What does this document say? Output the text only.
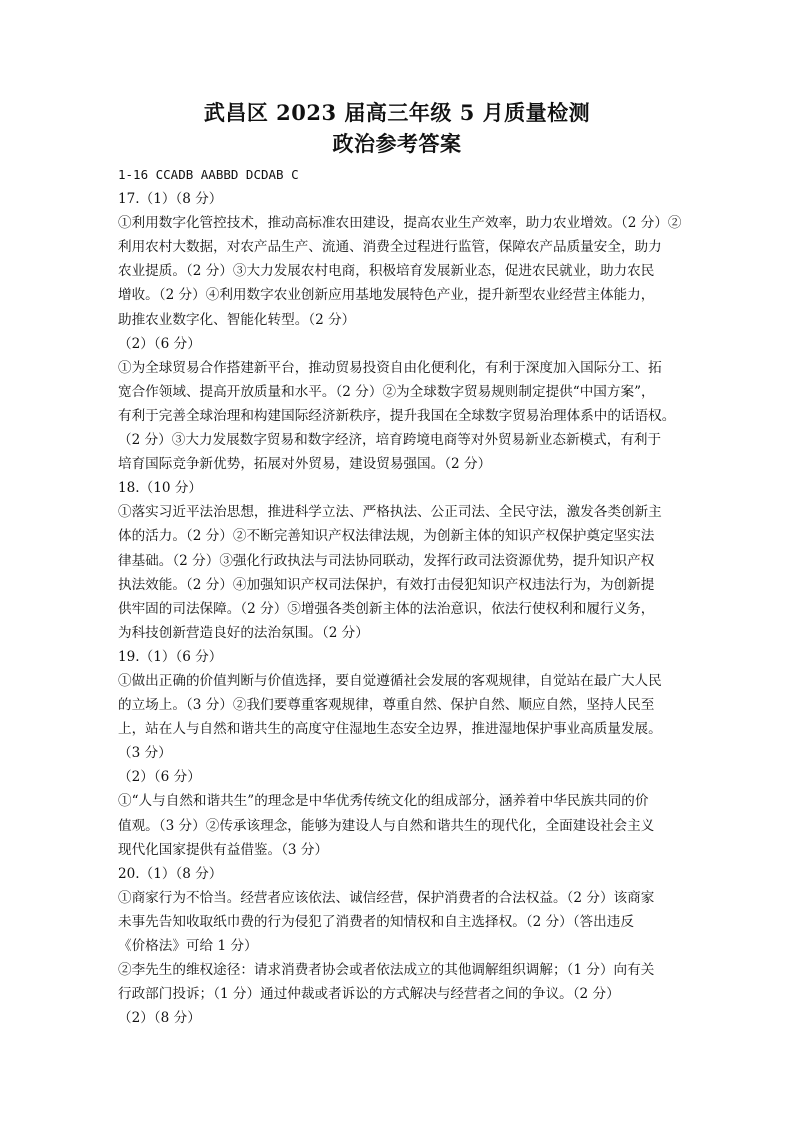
武昌区 2023 届高三年级 5 月质量检测
政治参考答案
1-16 CCADB AABBD DCDAB C
17.（1）（8 分）
①利用数字化管控技术，推动高标准农田建设，提高农业生产效率，助力农业增效。（2 分）②
利用农村大数据，对农产品生产、流通、消费全过程进行监管，保障农产品质量安全，助力
农业提质。（2 分）③大力发展农村电商，积极培育发展新业态，促进农民就业，助力农民
增收。（2 分）④利用数字农业创新应用基地发展特色产业，提升新型农业经营主体能力，
助推农业数字化、智能化转型。（2 分）
（2）（6 分）
①为全球贸易合作搭建新平台，推动贸易投资自由化便利化，有利于深度加入国际分工、拓
宽合作领域、提高开放质量和水平。（2 分）②为全球数字贸易规则制定提供“中国方案”，
有利于完善全球治理和构建国际经济新秩序，提升我国在全球数字贸易治理体系中的话语权。
（2 分）③大力发展数字贸易和数字经济，培育跨境电商等对外贸易新业态新模式，有利于
培育国际竞争新优势，拓展对外贸易，建设贸易强国。（2 分）
18.（10 分）
①落实习近平法治思想，推进科学立法、严格执法、公正司法、全民守法，激发各类创新主
体的活力。（2 分）②不断完善知识产权法律法规，为创新主体的知识产权保护奠定坚实法
律基础。（2 分）③强化行政执法与司法协同联动，发挥行政司法资源优势，提升知识产权
执法效能。（2 分）④加强知识产权司法保护，有效打击侵犯知识产权违法行为，为创新提
供牢固的司法保障。（2 分）⑤增强各类创新主体的法治意识，依法行使权利和履行义务，
为科技创新营造良好的法治氛围。（2 分）
19.（1）（6 分）
①做出正确的价值判断与价值选择，要自觉遵循社会发展的客观规律，自觉站在最广大人民
的立场上。（3 分）②我们要尊重客观规律，尊重自然、保护自然、顺应自然，坚持人民至
上，站在人与自然和谐共生的高度守住湿地生态安全边界，推进湿地保护事业高质量发展。
（3 分）
（2）（6 分）
①“人与自然和谐共生”的理念是中华优秀传统文化的组成部分，涵养着中华民族共同的价
值观。（3 分）②传承该理念，能够为建设人与自然和谐共生的现代化，全面建设社会主义
现代化国家提供有益借鉴。（3 分）
20.（1）（8 分）
①商家行为不恰当。经营者应该依法、诚信经营，保护消费者的合法权益。（2 分）该商家
未事先告知收取纸巾费的行为侵犯了消费者的知情权和自主选择权。（2 分）（答出违反
《价格法》可给 1 分）
②李先生的维权途径：请求消费者协会或者依法成立的其他调解组织调解；（1 分）向有关
行政部门投诉；（1 分）通过仲裁或者诉讼的方式解决与经营者之间的争议。（2 分）
（2）（8 分）
